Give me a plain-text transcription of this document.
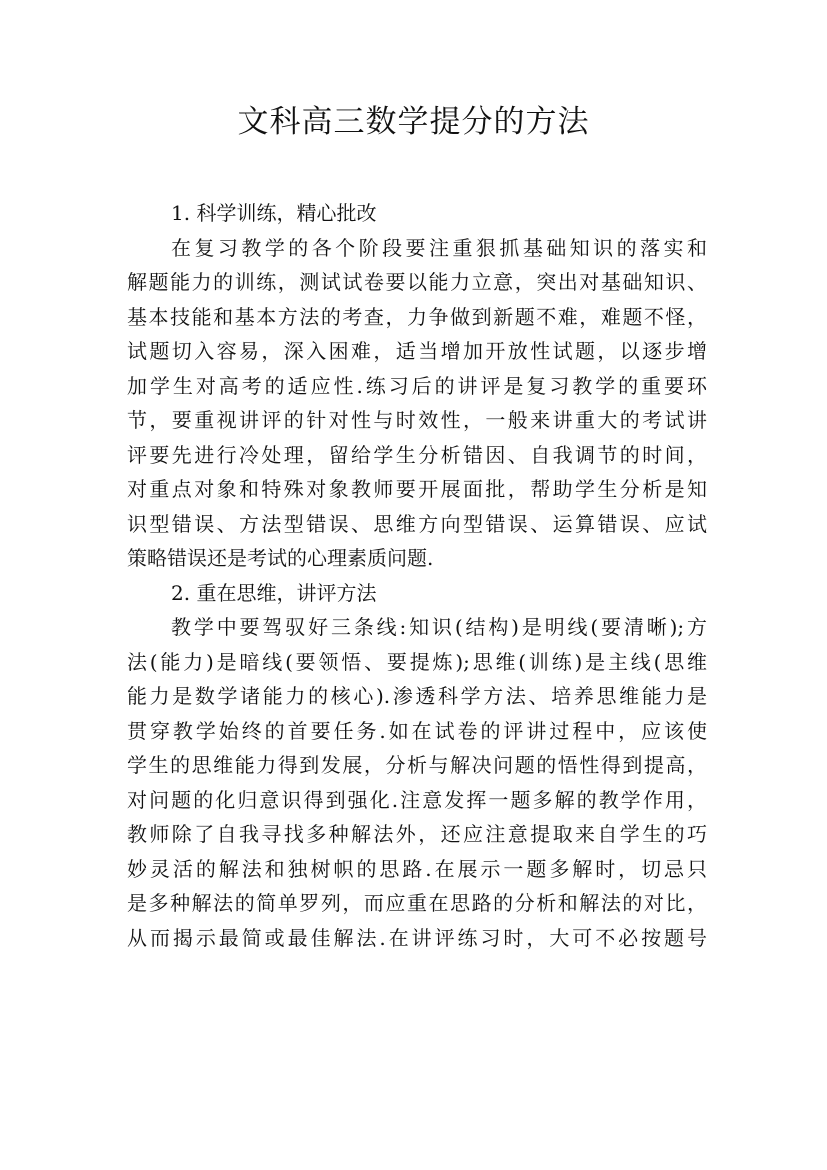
文科高三数学提分的方法
1. 科学训练，精心批改
在复习教学的各个阶段要注重狠抓基础知识的落实和
解题能力的训练，测试试卷要以能力立意，突出对基础知识、
基本技能和基本方法的考查，力争做到新题不难，难题不怪，
试题切入容易，深入困难，适当增加开放性试题，以逐步增
加学生对高考的适应性.练习后的讲评是复习教学的重要环
节，要重视讲评的针对性与时效性，一般来讲重大的考试讲
评要先进行冷处理，留给学生分析错因、自我调节的时间，
对重点对象和特殊对象教师要开展面批，帮助学生分析是知
识型错误、方法型错误、思维方向型错误、运算错误、应试
策略错误还是考试的心理素质问题.
2. 重在思维，讲评方法
教学中要驾驭好三条线:知识(结构)是明线(要清晰);方
法(能力)是暗线(要领悟、要提炼);思维(训练)是主线(思维
能力是数学诸能力的核心).渗透科学方法、培养思维能力是
贯穿教学始终的首要任务.如在试卷的评讲过程中，应该使
学生的思维能力得到发展，分析与解决问题的悟性得到提高，
对问题的化归意识得到强化.注意发挥一题多解的教学作用，
教师除了自我寻找多种解法外，还应注意提取来自学生的巧
妙灵活的解法和独树帜的思路.在展示一题多解时，切忌只
是多种解法的简单罗列，而应重在思路的分析和解法的对比，
从而揭示最简或最佳解法.在讲评练习时，大可不必按题号
